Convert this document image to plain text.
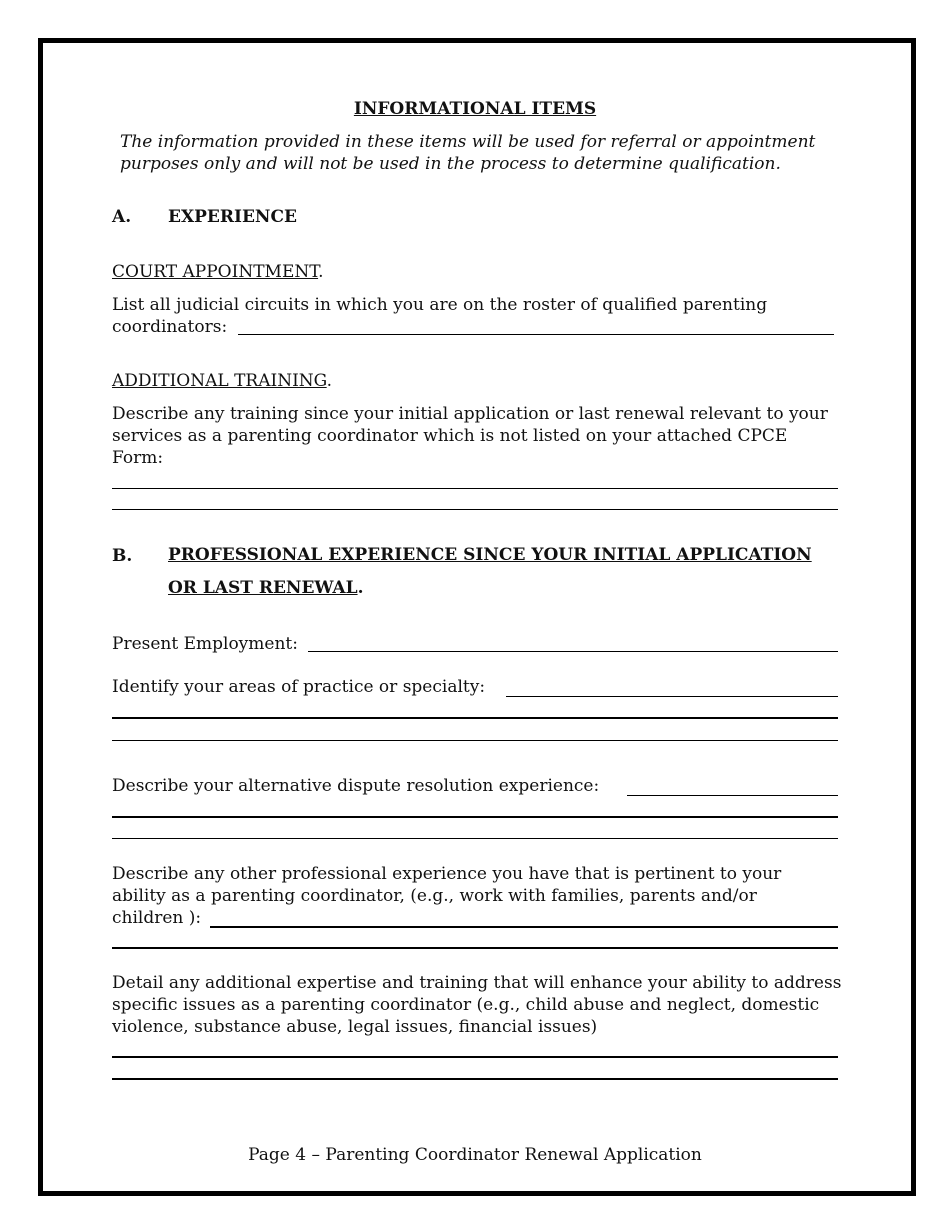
INFORMATIONAL ITEMS
The information provided in these items will be used for referral or appointment purposes only and will not be used in the process to determine qualification.
A. EXPERIENCE
COURT APPOINTMENT.
List all judicial circuits in which you are on the roster of qualified parenting coordinators:
ADDITIONAL TRAINING.
Describe any training since your initial application or last renewal relevant to your services as a parenting coordinator which is not listed on your attached CPCE Form:
B. PROFESSIONAL EXPERIENCE SINCE YOUR INITIAL APPLICATION
OR LAST RENEWAL.
Present Employment:
Identify your areas of practice or specialty:
Describe your alternative dispute resolution experience:
Describe any other professional experience you have that is pertinent to your
ability as a parenting coordinator, (e.g., work with families, parents and/or
children ):
Detail any additional expertise and training that will enhance your ability to address specific issues as a parenting coordinator (e.g., child abuse and neglect, domestic violence, substance abuse, legal issues, financial issues)
Page 4 – Parenting Coordinator Renewal Application
